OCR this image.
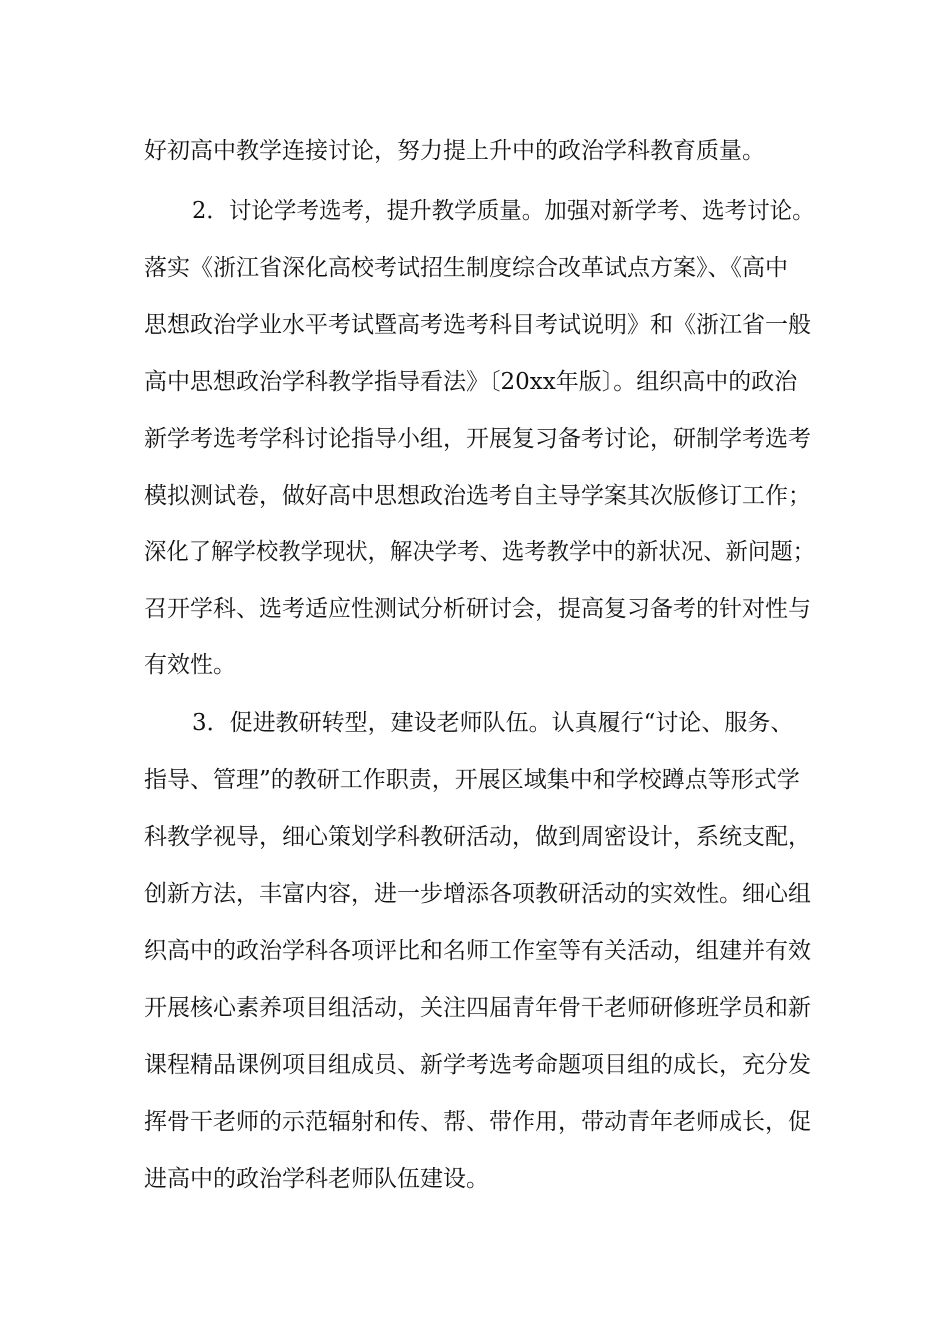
好初高中教学连接讨论，努力提上升中的政治学科教育质量。

2．讨论学考选考，提升教学质量。加强对新学考、选考讨论。

落实《浙江省深化高校考试招生制度综合改革试点方案》、《高中

思想政治学业水平考试暨高考选考科目考试说明》和《浙江省一般

高中思想政治学科教学指导看法》〔20xx年版〕。组织高中的政治

新学考选考学科讨论指导小组，开展复习备考讨论，研制学考选考

模拟测试卷，做好高中思想政治选考自主导学案其次版修订工作；

深化了解学校教学现状，解决学考、选考教学中的新状况、新问题；

召开学科、选考适应性测试分析研讨会，提高复习备考的针对性与

有效性。

3．促进教研转型，建设老师队伍。认真履行“讨论、服务、

指导、管理”的教研工作职责，开展区域集中和学校蹲点等形式学

科教学视导，细心策划学科教研活动，做到周密设计，系统支配，

创新方法，丰富内容，进一步增添各项教研活动的实效性。细心组

织高中的政治学科各项评比和名师工作室等有关活动，组建并有效

开展核心素养项目组活动，关注四届青年骨干老师研修班学员和新

课程精品课例项目组成员、新学考选考命题项目组的成长，充分发

挥骨干老师的示范辐射和传、帮、带作用，带动青年老师成长，促

进高中的政治学科老师队伍建设。
